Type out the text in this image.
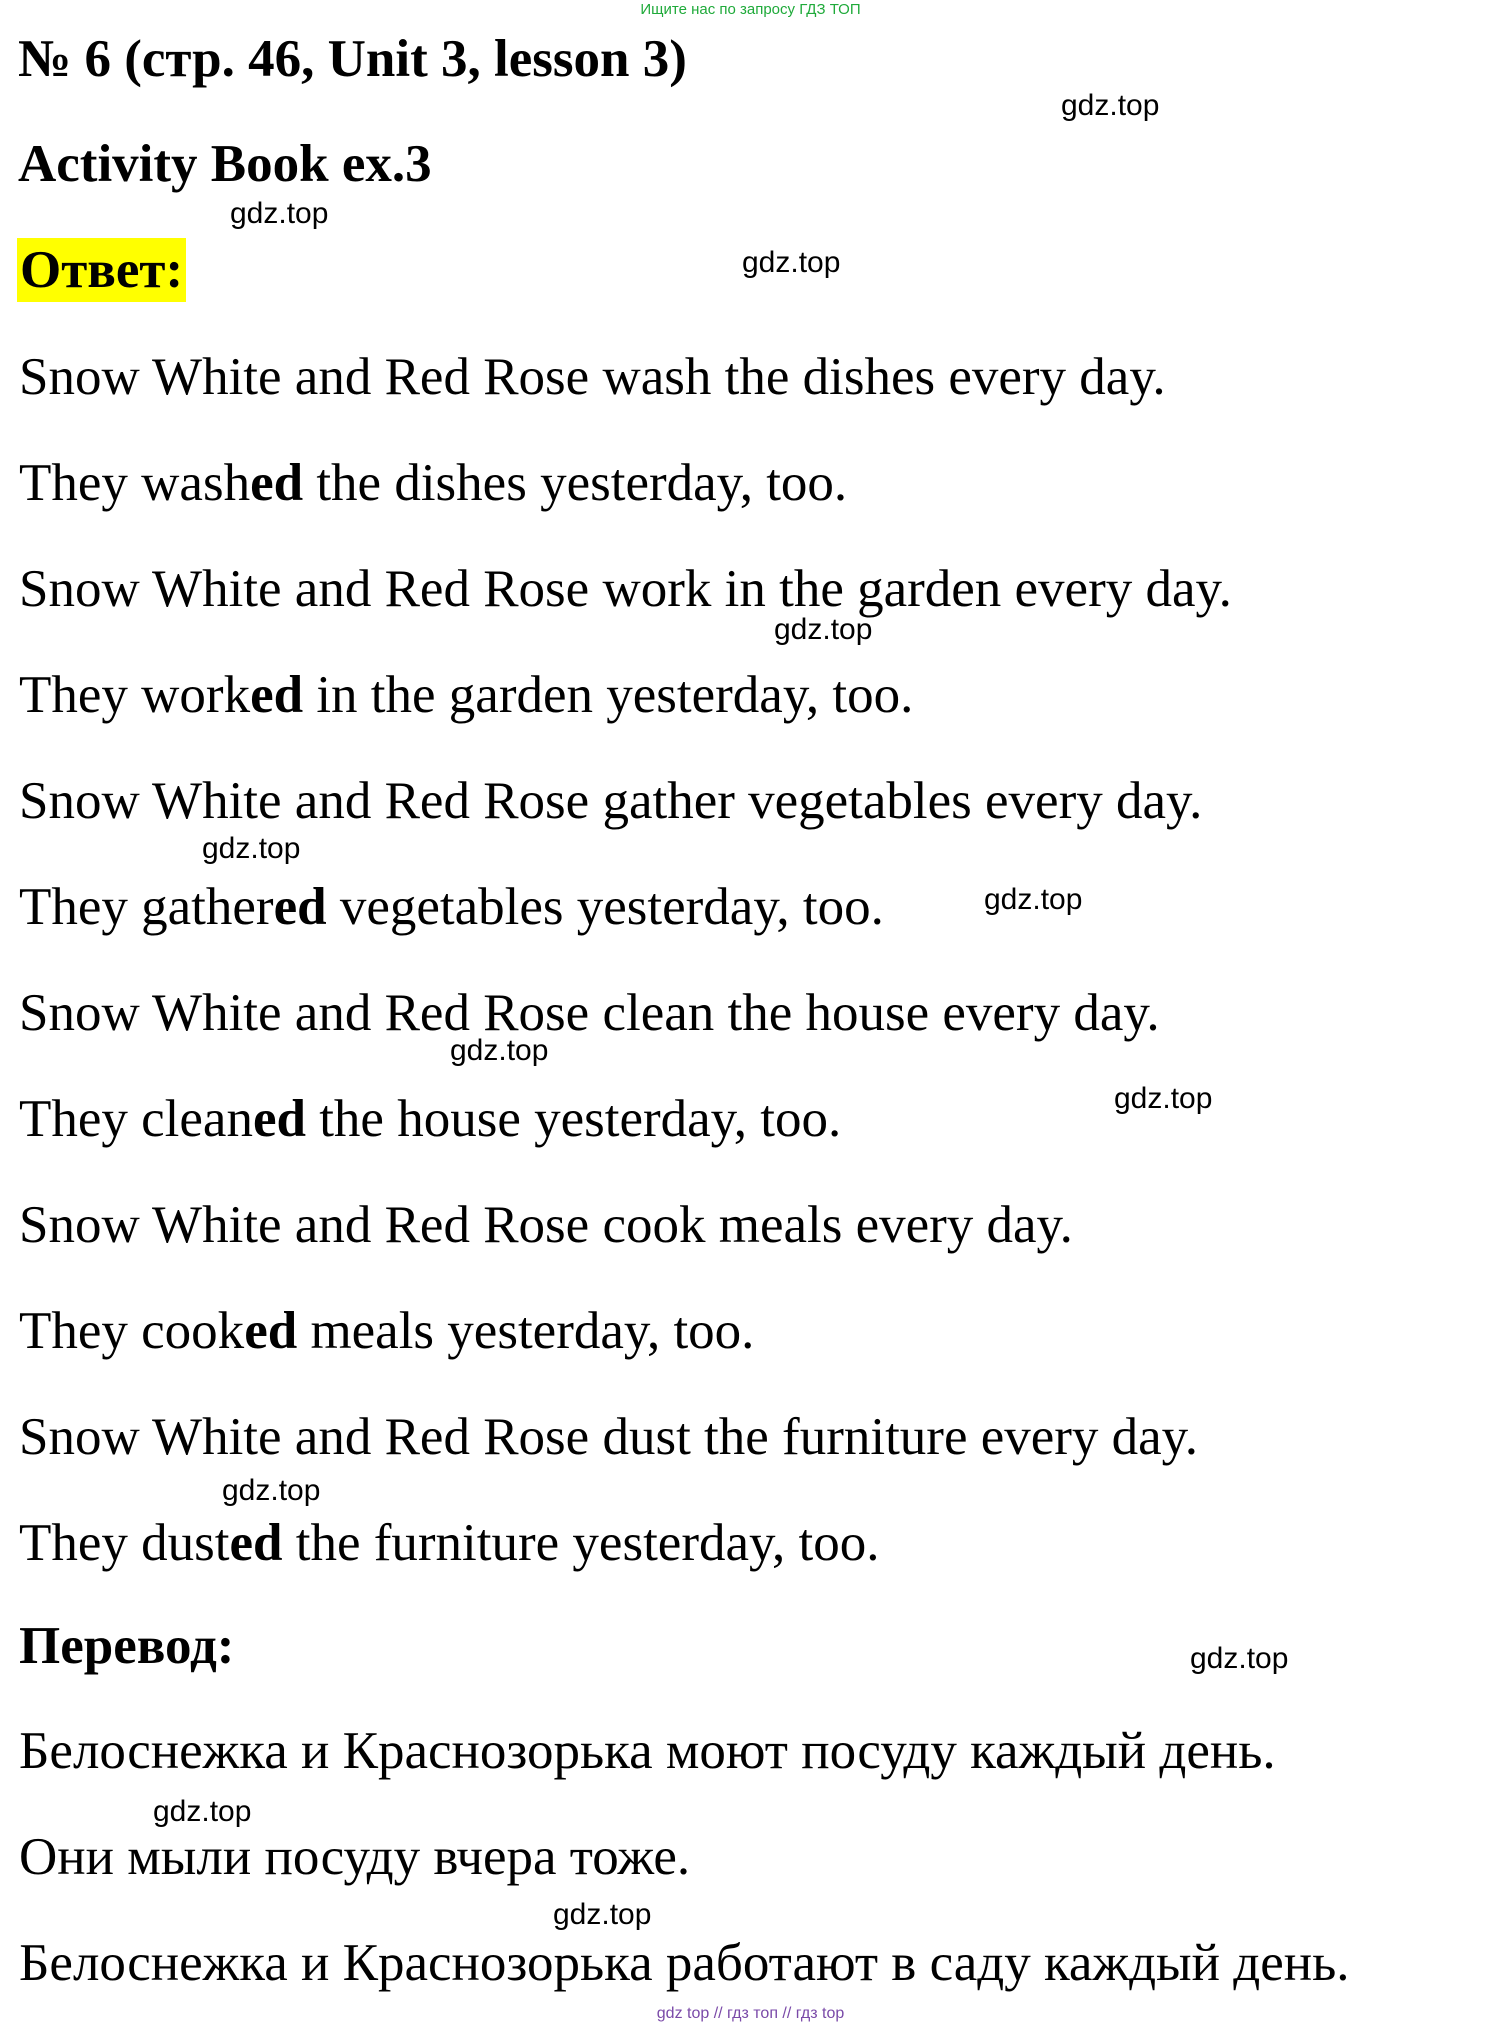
Ищите нас по запросу ГДЗ ТОП
№ 6 (стр. 46, Unit 3, lesson 3)
Activity Book ex.3
Ответ:
Snow White and Red Rose wash the dishes every day.
They washed the dishes yesterday, too.
Snow White and Red Rose work in the garden every day.
They worked in the garden yesterday, too.
Snow White and Red Rose gather vegetables every day.
They gathered vegetables yesterday, too.
Snow White and Red Rose clean the house every day.
They cleaned the house yesterday, too.
Snow White and Red Rose cook meals every day.
They cooked meals yesterday, too.
Snow White and Red Rose dust the furniture every day.
They dusted the furniture yesterday, too.
Перевод:
Белоснежка и Краснозорька моют посуду каждый день.
Они мыли посуду вчера тоже.
Белоснежка и Краснозорька работают в саду каждый день.
gdz.top
gdz.top
gdz.top
gdz.top
gdz.top
gdz.top
gdz.top
gdz.top
gdz.top
gdz.top
gdz.top
gdz.top
gdz top // гдз топ // гдз top
